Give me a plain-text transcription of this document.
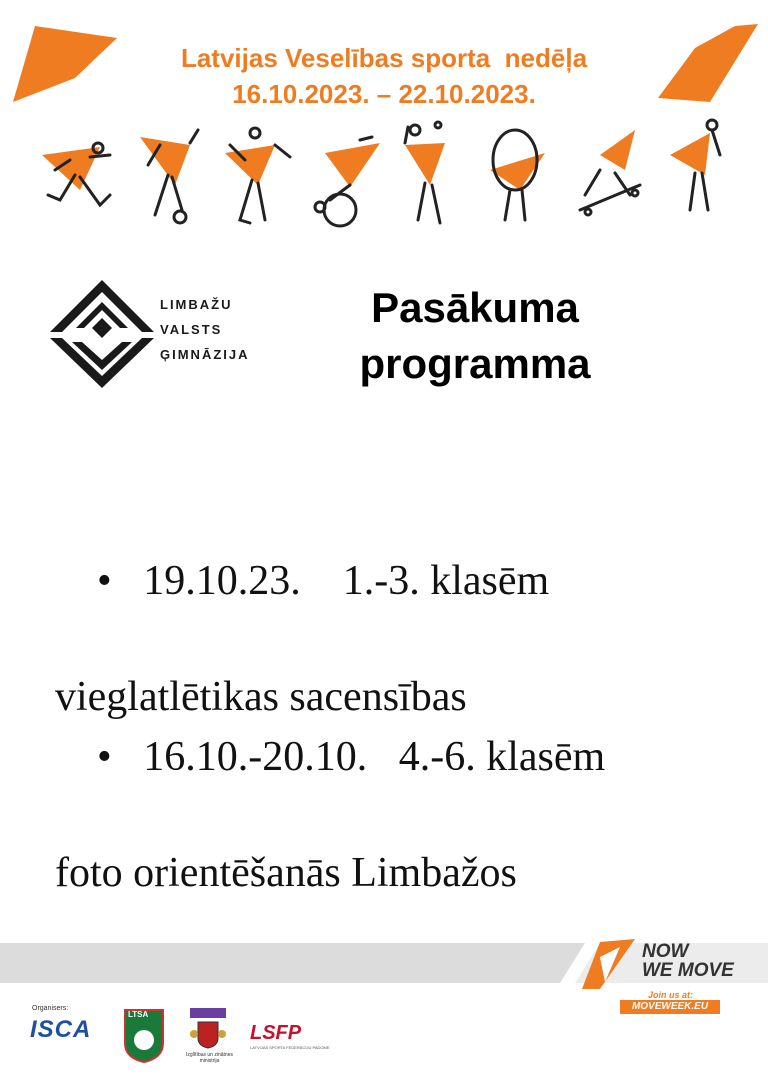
Latvijas Veselības sporta  nedēļa
16.10.2023. – 22.10.2023.
LIMBAŽU
VALSTS
ĢIMNĀZIJA
Pasākuma
programma

• 19.10.23. 1.-3. klasēm

vieglatlētikas sacensības

• 16.10.-20.10. 4.-6. klasēm

foto orientēšanās Limbažos
NOW
WE MOVE
Join us at:
MOVEWEEK.EU
Organisers:
ISCA
LTSA
Izglītības un zinātnes ministrija
LSFP
LATVIJAS SPORTA FEDERĀCIJU PADOME
